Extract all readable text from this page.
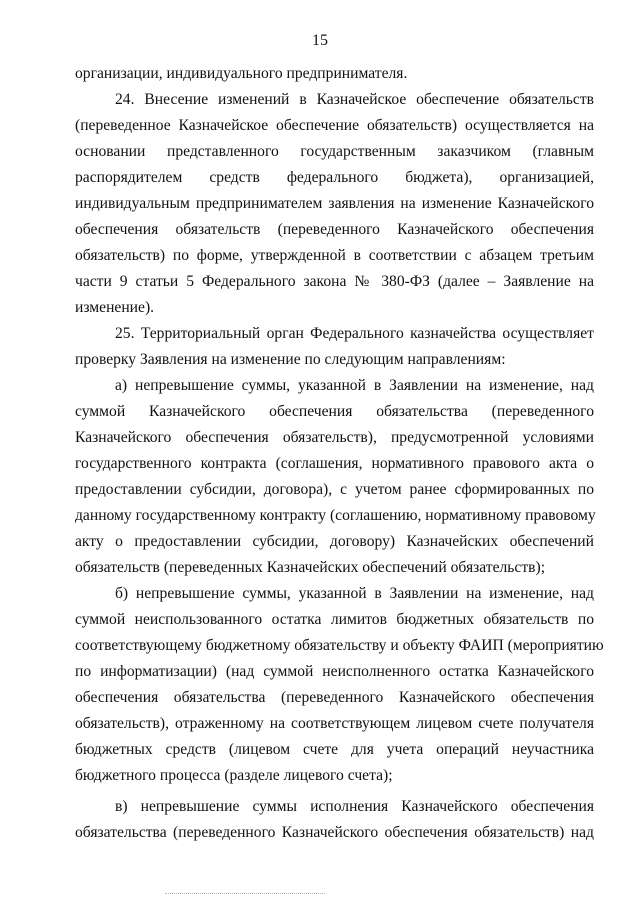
15
организации, индивидуального предпринимателя.
24. Внесение изменений в Казначейское обеспечение обязательств
(переведенное Казначейское обеспечение обязательств) осуществляется на
основании представленного государственным заказчиком (главным
распорядителем средств федерального бюджета), организацией,
индивидуальным предпринимателем заявления на изменение Казначейского
обеспечения обязательств (переведенного Казначейского обеспечения
обязательств) по форме, утвержденной в соответствии с абзацем третьим
части 9 статьи 5 Федерального закона № 380-ФЗ (далее – Заявление на
изменение).
25. Территориальный орган Федерального казначейства осуществляет
проверку Заявления на изменение по следующим направлениям:
а) непревышение суммы, указанной в Заявлении на изменение, над
суммой Казначейского обеспечения обязательства (переведенного
Казначейского обеспечения обязательств), предусмотренной условиями
государственного контракта (соглашения, нормативного правового акта о
предоставлении субсидии, договора), с учетом ранее сформированных по
данному государственному контракту (соглашению, нормативному правовому
акту о предоставлении субсидии, договору) Казначейских обеспечений
обязательств (переведенных Казначейских обеспечений обязательств);
б) непревышение суммы, указанной в Заявлении на изменение, над
суммой неиспользованного остатка лимитов бюджетных обязательств по
соответствующему бюджетному обязательству и объекту ФАИП (мероприятию
по информатизации) (над суммой неисполненного остатка Казначейского
обеспечения обязательства (переведенного Казначейского обеспечения
обязательств), отраженному на соответствующем лицевом счете получателя
бюджетных средств (лицевом счете для учета операций неучастника
бюджетного процесса (разделе лицевого счета);
в) непревышение суммы исполнения Казначейского обеспечения
обязательства (переведенного Казначейского обеспечения обязательств) над
